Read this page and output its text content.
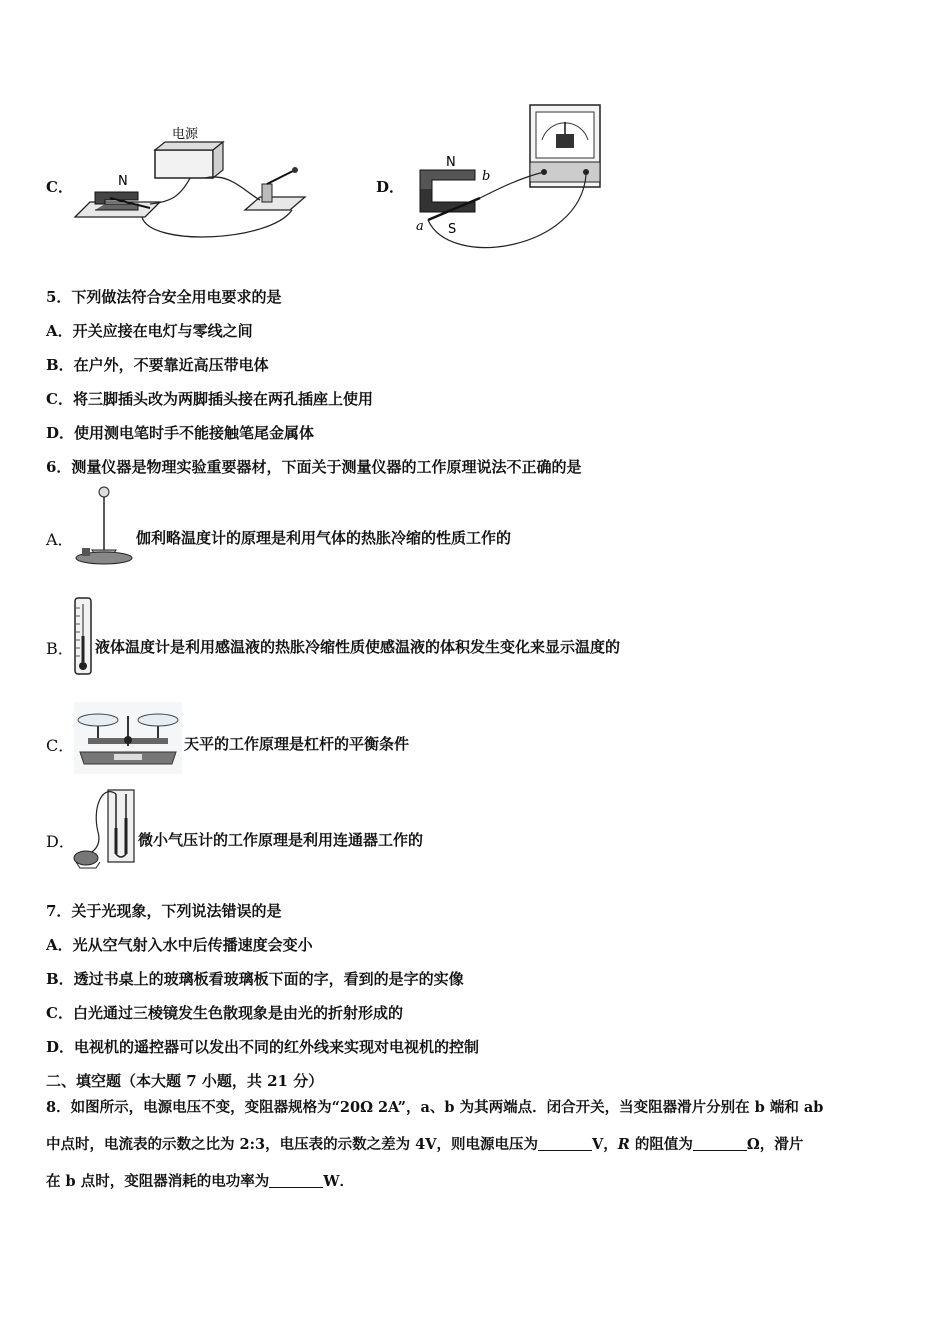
C．
电源
N	D．
N
S
a
b
5．下列做法符合安全用电要求的是
A．开关应接在电灯与零线之间
B．在户外，不要靠近高压带电体
C．将三脚插头改为两脚插头接在两孔插座上使用
D．使用测电笔时手不能接触笔尾金属体
6．测量仪器是物理实验重要器材，下面关于测量仪器的工作原理说法不正确的是
A．	伽利略温度计的原理是利用气体的热胀冷缩的性质工作的
B． 液体温度计是利用感温液的热胀冷缩性质使感温液的体积发生变化来显示温度的
C．	天平的工作原理是杠杆的平衡条件
D．	微小气压计的工作原理是利用连通器工作的
7．关于光现象，下列说法错误的是
A．光从空气射入水中后传播速度会变小
B．透过书桌上的玻璃板看玻璃板下面的字，看到的是字的实像
C．白光通过三棱镜发生色散现象是由光的折射形成的
D．电视机的遥控器可以发出不同的红外线来实现对电视机的控制
二、填空题（本大题 7 小题，共 21 分）
8．如图所示，电源电压不变，变阻器规格为“20Ω 2A”，a、b 为其两端点．闭合开关，当变阻器滑片分别在 b 端和 ab
中点时，电流表的示数之比为 2:3，电压表的示数之差为 4V，则电源电压为	V，R 的阻值为	Ω，滑片
在 b 点时，变阻器消耗的电功率为	W．
